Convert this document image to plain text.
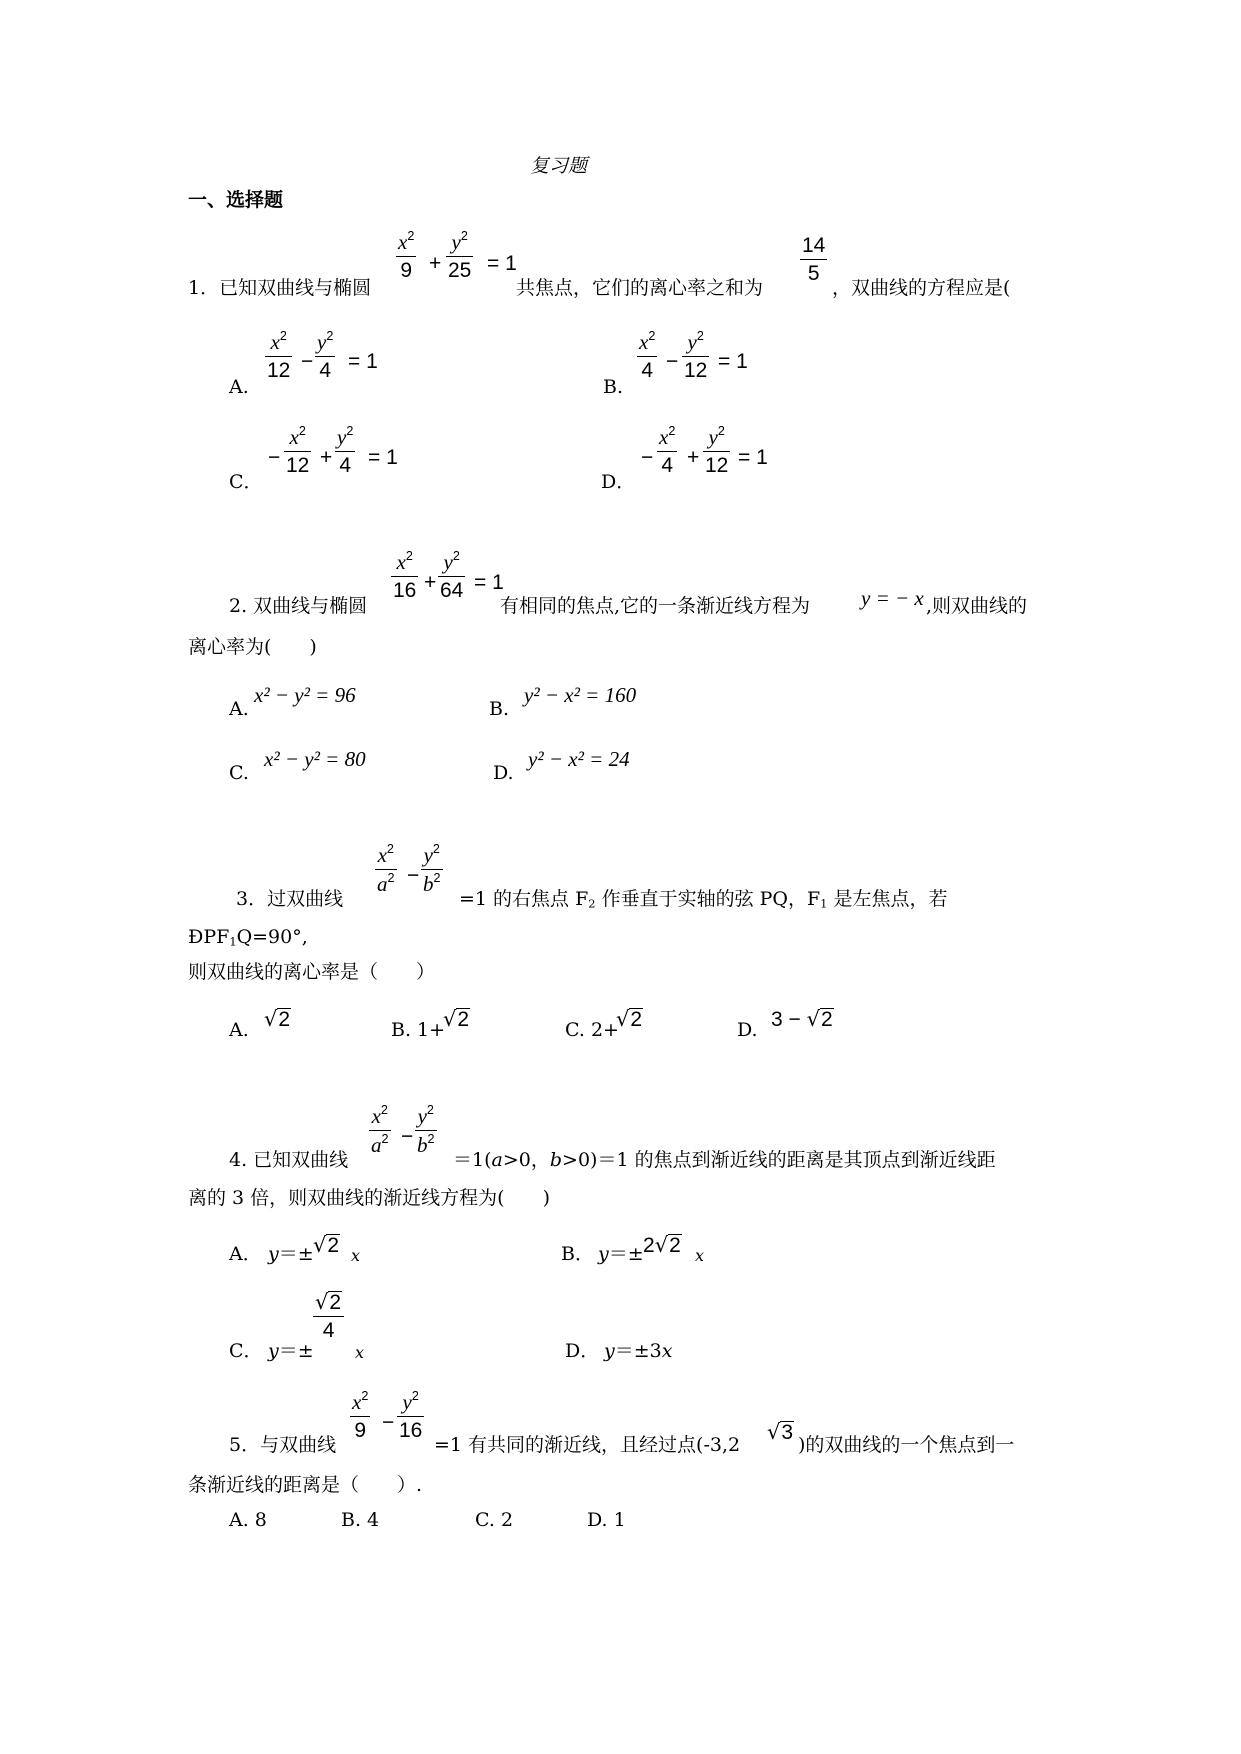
复习题
一、选择题
1．已知双曲线与椭圆
$x^2$
9 +
$y^2$
25 = 1
共焦点，它们的离心率之和为
14
5
，双曲线的方程应是(
A.
$x^2$
12 −
$y^2$
4 = 1
B.
$x^2$
4 −
$y^2$
12 = 1
C．
−
$x^2$
12 +
$y^2$
4 = 1
D．
−
$x^2$
4 +
$y^2$
12 = 1
2. 双曲线与椭圆
$x^2$
16 +
$y^2$
64 = 1
有相同的焦点,它的一条渐近线方程为 y = − x ,则双曲线的
离心率为(　　)
A.
x² − y² = 96
B.
y² − x² = 160
C.
x² − y² = 80
D.
y² − x² = 24
3．过双曲线
$x^2$
$a^2$ −
$y^2$
$b^2$
=1 的右焦点 $F_2$ 作垂直于实轴的弦 PQ，$F_1$ 是左焦点，若
$ÐPF_1Q=90^\circ$,
则双曲线的离心率是（　　）
A. √2	B. 1+
√2	C. 2+
√2	D. 3 − √2
4. 已知双曲线
$x^2$
$a^2$ −
$y^2$
$b^2$
＝1(a>0，b>0)＝1 的焦点到渐近线的距离是其顶点到渐近线距
离的 3 倍，则双曲线的渐近线方程为(　　)
A． y＝± √2 x	B． y＝± 2√2 x
C． y＝±
√2
4
x	D． y＝±3x
5．与双曲线
$x^2$
9 −
$y^2$
16
=1 有共同的渐近线，且经过点(-3,2
√3
)的双曲线的一个焦点到一
条渐近线的距离是（　　）.
A. 8	B. 4	C. 2	D. 1
